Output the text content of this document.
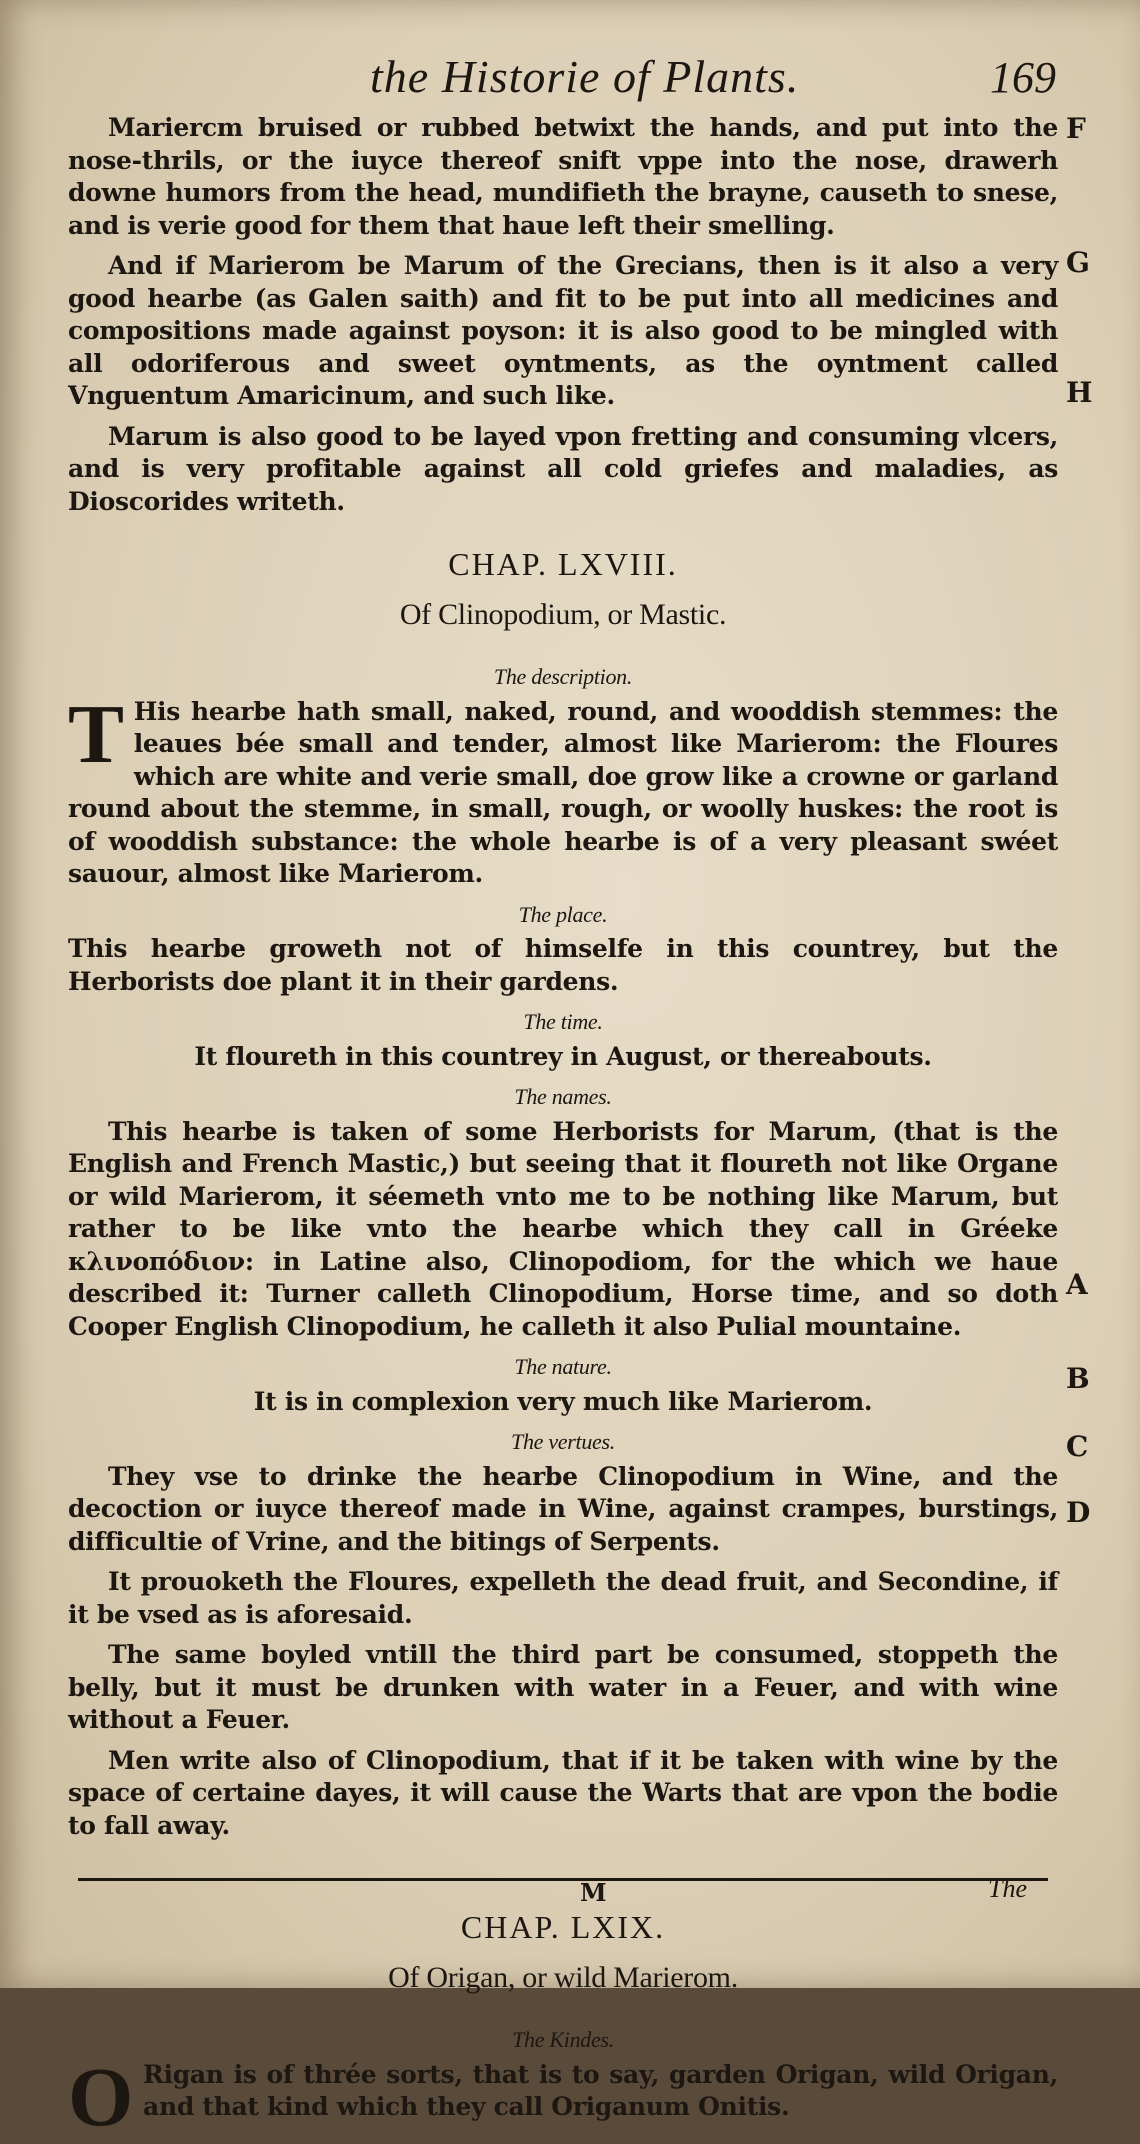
the Historie of Plants.	169
F
G
H
A
B
C
D

Mariercm bruised or rubbed betwixt the hands, and put into the nose-thrils, or the iuyce thereof snift vppe into the nose, drawerh downe humors from the head, mundifieth the brayne, causeth to snese, and is verie good for them that haue left their smelling.

And if Marierom be Marum of the Grecians, then is it also a very good hearbe (as Galen saith) and fit to be put into all medicines and compositions made against poyson: it is also good to be mingled with all odoriferous and sweet oyntments, as the oyntment called Vnguentum Amaricinum, and such like.

Marum is also good to be layed vpon fretting and consuming vlcers, and is very profitable against all cold griefes and maladies, as Dioscorides writeth.

CHAP. LXVIII.
Of Clinopodium, or Mastic.
The description.

T His hearbe hath small, naked, round, and wooddish stemmes: the leaues bée small and tender, almost like Marierom: the Floures which are white and verie small, doe grow like a crowne or garland round about the stemme, in small, rough, or woolly huskes: the root is of wooddish substance: the whole hearbe is of a very pleasant swéet sauour, almost like Marierom.

The place.

This hearbe groweth not of himselfe in this countrey, but the Herborists doe plant it in their gardens.

The time.

It floureth in this countrey in August, or thereabouts.

The names.

This hearbe is taken of some Herborists for Marum, (that is the English and French Mastic,) but seeing that it floureth not like Organe or wild Marierom, it séemeth vnto me to be nothing like Marum, but rather to be like vnto the hearbe which they call in Gréeke κλινοπόδιον: in Latine also, Clinopodiom, for the which we haue described it: Turner calleth Clinopodium, Horse time, and so doth Cooper English Clinopodium, he calleth it also Pulial mountaine.

The nature.

It is in complexion very much like Marierom.

The vertues.

They vse to drinke the hearbe Clinopodium in Wine, and the decoction or iuyce thereof made in Wine, against crampes, burstings, difficultie of Vrine, and the bitings of Serpents.

It prouoketh the Floures, expelleth the dead fruit, and Secondine, if it be vsed as is aforesaid.

The same boyled vntill the third part be consumed, stoppeth the belly, but it must be drunken with water in a Feuer, and with wine without a Feuer.

Men write also of Clinopodium, that if it be taken with wine by the space of certaine dayes, it will cause the Warts that are vpon the bodie to fall away.

CHAP. LXIX.
Of Origan, or wild Marierom.
The Kindes.

O Rigan is of thrée sorts, that is to say, garden Origan, wild Origan, and that kind which they call Origanum Onitis.

M	The
